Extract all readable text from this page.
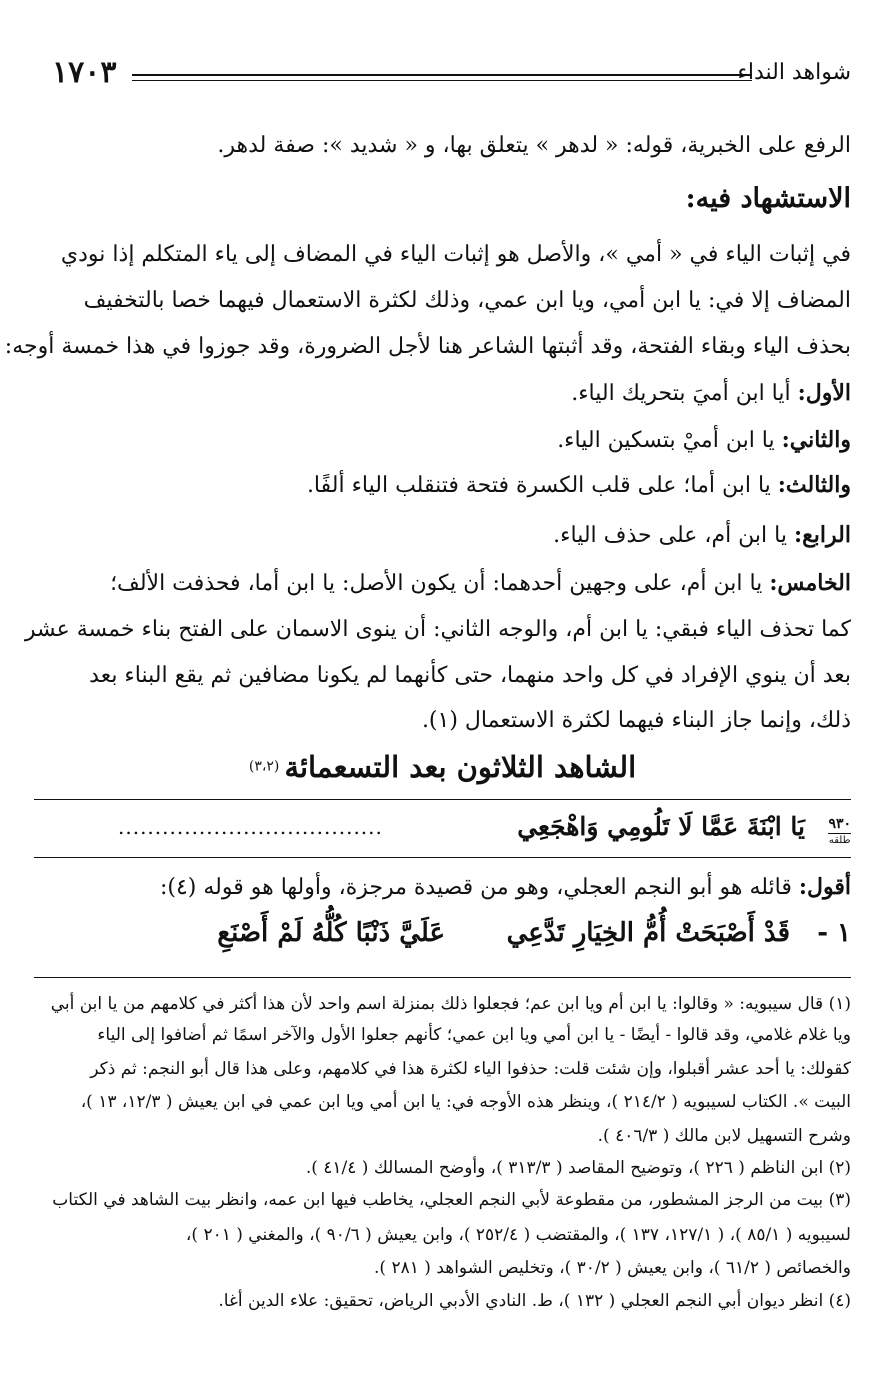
شواهد النداء
١٧٠٣
الرفع على الخبرية، قوله: « لدهر » يتعلق بها، و « شديد »: صفة لدهر.
الاستشهاد فيه:
في إثبات الياء في « أمي »، والأصل هو إثبات الياء في المضاف إلى ياء المتكلم إذا نودي
المضاف إلا في: يا ابن أمي، ويا ابن عمي، وذلك لكثرة الاستعمال فيهما خصا بالتخفيف
بحذف الياء وبقاء الفتحة، وقد أثبتها الشاعر هنا لأجل الضرورة، وقد جوزوا في هذا خمسة أوجه:
الأول: أيا ابن أميَ بتحريك الياء.
والثاني: يا ابن أميْ بتسكين الياء.
والثالث: يا ابن أما؛ على قلب الكسرة فتحة فتنقلب الياء ألفًا.
الرابع: يا ابن أم، على حذف الياء.
الخامس: يا ابن أم، على وجهين أحدهما: أن يكون الأصل: يا ابن أما، فحذفت الألف؛
كما تحذف الياء فبقي: يا ابن أم، والوجه الثاني: أن ينوى الاسمان على الفتح بناء خمسة عشر
بعد أن ينوي الإفراد في كل واحد منهما، حتى كأنهما لم يكونا مضافين ثم يقع البناء بعد
ذلك، وإنما جاز البناء فيهما لكثرة الاستعمال (١).
الشاهد الثلاثون بعد التسعمائة $^{(٣،٢)}$
٩٣٠
طلقه
يَا ابْنَةَ عَمَّا لَا تَلُومِي وَاهْجَعِي
....................................
أقول: قائله هو أبو النجم العجلي، وهو من قصيدة مرجزة، وأولها هو قوله (٤):
١ -
قَدْ أَصْبَحَتْ أُمُّ الخِيَارِ تَدَّعِي
عَلَيَّ ذَنْبًا كُلُّهُ لَمْ أَصْنَعِ
(١) قال سيبويه: « وقالوا: يا ابن أم ويا ابن عم؛ فجعلوا ذلك بمنزلة اسم واحد لأن هذا أكثر في كلامهم من يا ابن أبي
ويا غلام غلامي، وقد قالوا - أيضًا - يا ابن أمي ويا ابن عمي؛ كأنهم جعلوا الأول والآخر اسمًا ثم أضافوا إلى الياء
كقولك: يا أحد عشر أقبلوا، وإن شئت قلت: حذفوا الياء لكثرة هذا في كلامهم، وعلى هذا قال أبو النجم: ثم ذكر
البيت ». الكتاب لسيبويه ( ٢١٤/٢ )، وينظر هذه الأوجه في: يا ابن أمي ويا ابن عمي في ابن يعيش ( ١٢/٣، ١٣ )،
وشرح التسهيل لابن مالك ( ٤٠٦/٣ ).
(٢) ابن الناظم ( ٢٢٦ )، وتوضيح المقاصد ( ٣١٣/٣ )، وأوضح المسالك ( ٤١/٤ ).
(٣) بيت من الرجز المشطور، من مقطوعة لأبي النجم العجلي، يخاطب فيها ابن عمه، وانظر بيت الشاهد في الكتاب
لسيبويه ( ٨٥/١ )، ( ١٢٧/١، ١٣٧ )، والمقتضب ( ٢٥٢/٤ )، وابن يعيش ( ٩٠/٦ )، والمغني ( ٢٠١ )،
والخصائص ( ٦١/٢ )، وابن يعيش ( ٣٠/٢ )، وتخليص الشواهد ( ٢٨١ ).
(٤) انظر ديوان أبي النجم العجلي ( ١٣٢ )، ط. النادي الأدبي الرياض، تحقيق: علاء الدين أغا.
